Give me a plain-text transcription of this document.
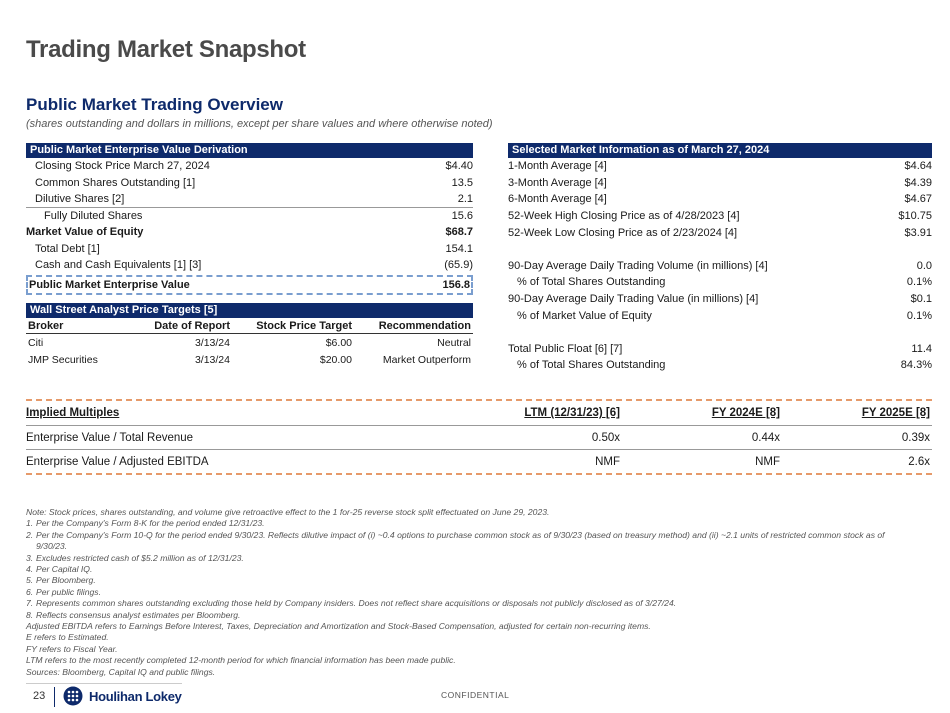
Trading Market Snapshot
Public Market Trading Overview
(shares outstanding and dollars in millions, except per share values and where otherwise noted)
Public Market Enterprise Value Derivation
Closing Stock Price March 27, 2024	$4.40
Common Shares Outstanding [1]	13.5
Dilutive Shares [2]	2.1
Fully Diluted Shares	15.6
Market Value of Equity	$68.7
Total Debt [1]	154.1
Cash and Cash Equivalents [1] [3]	(65.9)
Public Market Enterprise Value	156.8
Wall Street Analyst Price Targets [5]
Broker	Date of Report	Stock Price Target	Recommendation
Citi	3/13/24	$6.00	Neutral
JMP Securities	3/13/24	$20.00	Market Outperform
Selected Market Information as of March 27, 2024
1-Month Average [4]	$4.64
3-Month Average [4]	$4.39
6-Month Average [4]	$4.67
52-Week High Closing Price as of 4/28/2023 [4]	$10.75
52-Week Low Closing Price as of 2/23/2024 [4]	$3.91
90-Day Average Daily Trading Volume (in millions) [4]	0.0
% of Total Shares Outstanding	0.1%
90-Day Average Daily Trading Value (in millions) [4]	$0.1
% of Market Value of Equity	0.1%
Total Public Float [6] [7]	11.4
% of Total Shares Outstanding	84.3%
Implied Multiples	LTM (12/31/23) [6]	FY 2024E [8]	FY 2025E [8]
Enterprise Value / Total Revenue	0.50x	0.44x	0.39x
Enterprise Value / Adjusted EBITDA	NMF	NMF	2.6x
Note: Stock prices, shares outstanding, and volume give retroactive effect to the 1 for-25 reverse stock split effectuated on June 29, 2023.
1. Per the Company's Form 8-K for the period ended 12/31/23.
2. Per the Company's Form 10-Q for the period ended 9/30/23. Reflects dilutive impact of (i) ~0.4 options to purchase common stock as of 9/30/23 (based on treasury method) and (ii) ~2.1 units of restricted common stock as of
9/30/23.
3. Excludes restricted cash of $5.2 million as of 12/31/23.
4. Per Capital IQ.
5. Per Bloomberg.
6. Per public filings.
7. Represents common shares outstanding excluding those held by Company insiders. Does not reflect share acquisitions or disposals not publicly disclosed as of 3/27/24.
8. Reflects consensus analyst estimates per Bloomberg.
Adjusted EBITDA refers to Earnings Before Interest, Taxes, Depreciation and Amortization and Stock-Based Compensation, adjusted for certain non-recurring items.
E refers to Estimated.
FY refers to Fiscal Year.
LTM refers to the most recently completed 12-month period for which financial information has been made public.
Sources: Bloomberg, Capital IQ and public filings.
23	Houlihan Lokey	CONFIDENTIAL
